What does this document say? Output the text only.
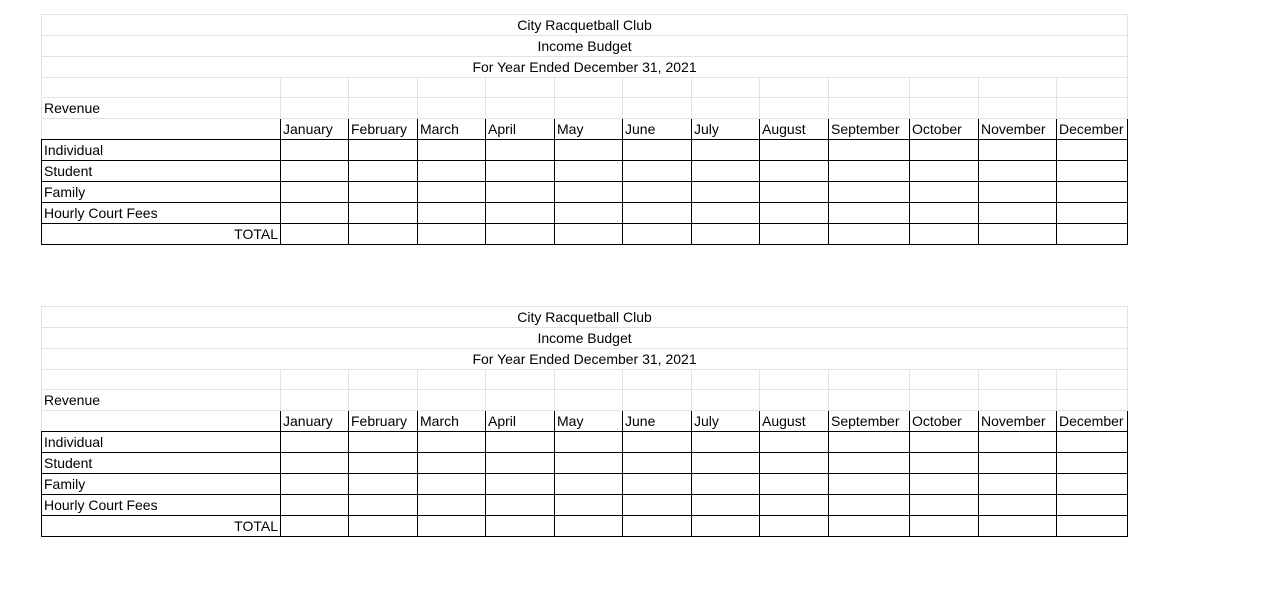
City Racquetball Club												
Income Budget												
For Year Ended December 31, 2021												

Revenue												
	January	February	March	April	May	June	July	August	September	October	November	December
Individual												
Student												
Family												
Hourly Court Fees												
TOTAL												
City Racquetball Club												
Income Budget												
For Year Ended December 31, 2021												

Revenue												
	January	February	March	April	May	June	July	August	September	October	November	December
Individual												
Student												
Family												
Hourly Court Fees												
TOTAL												
